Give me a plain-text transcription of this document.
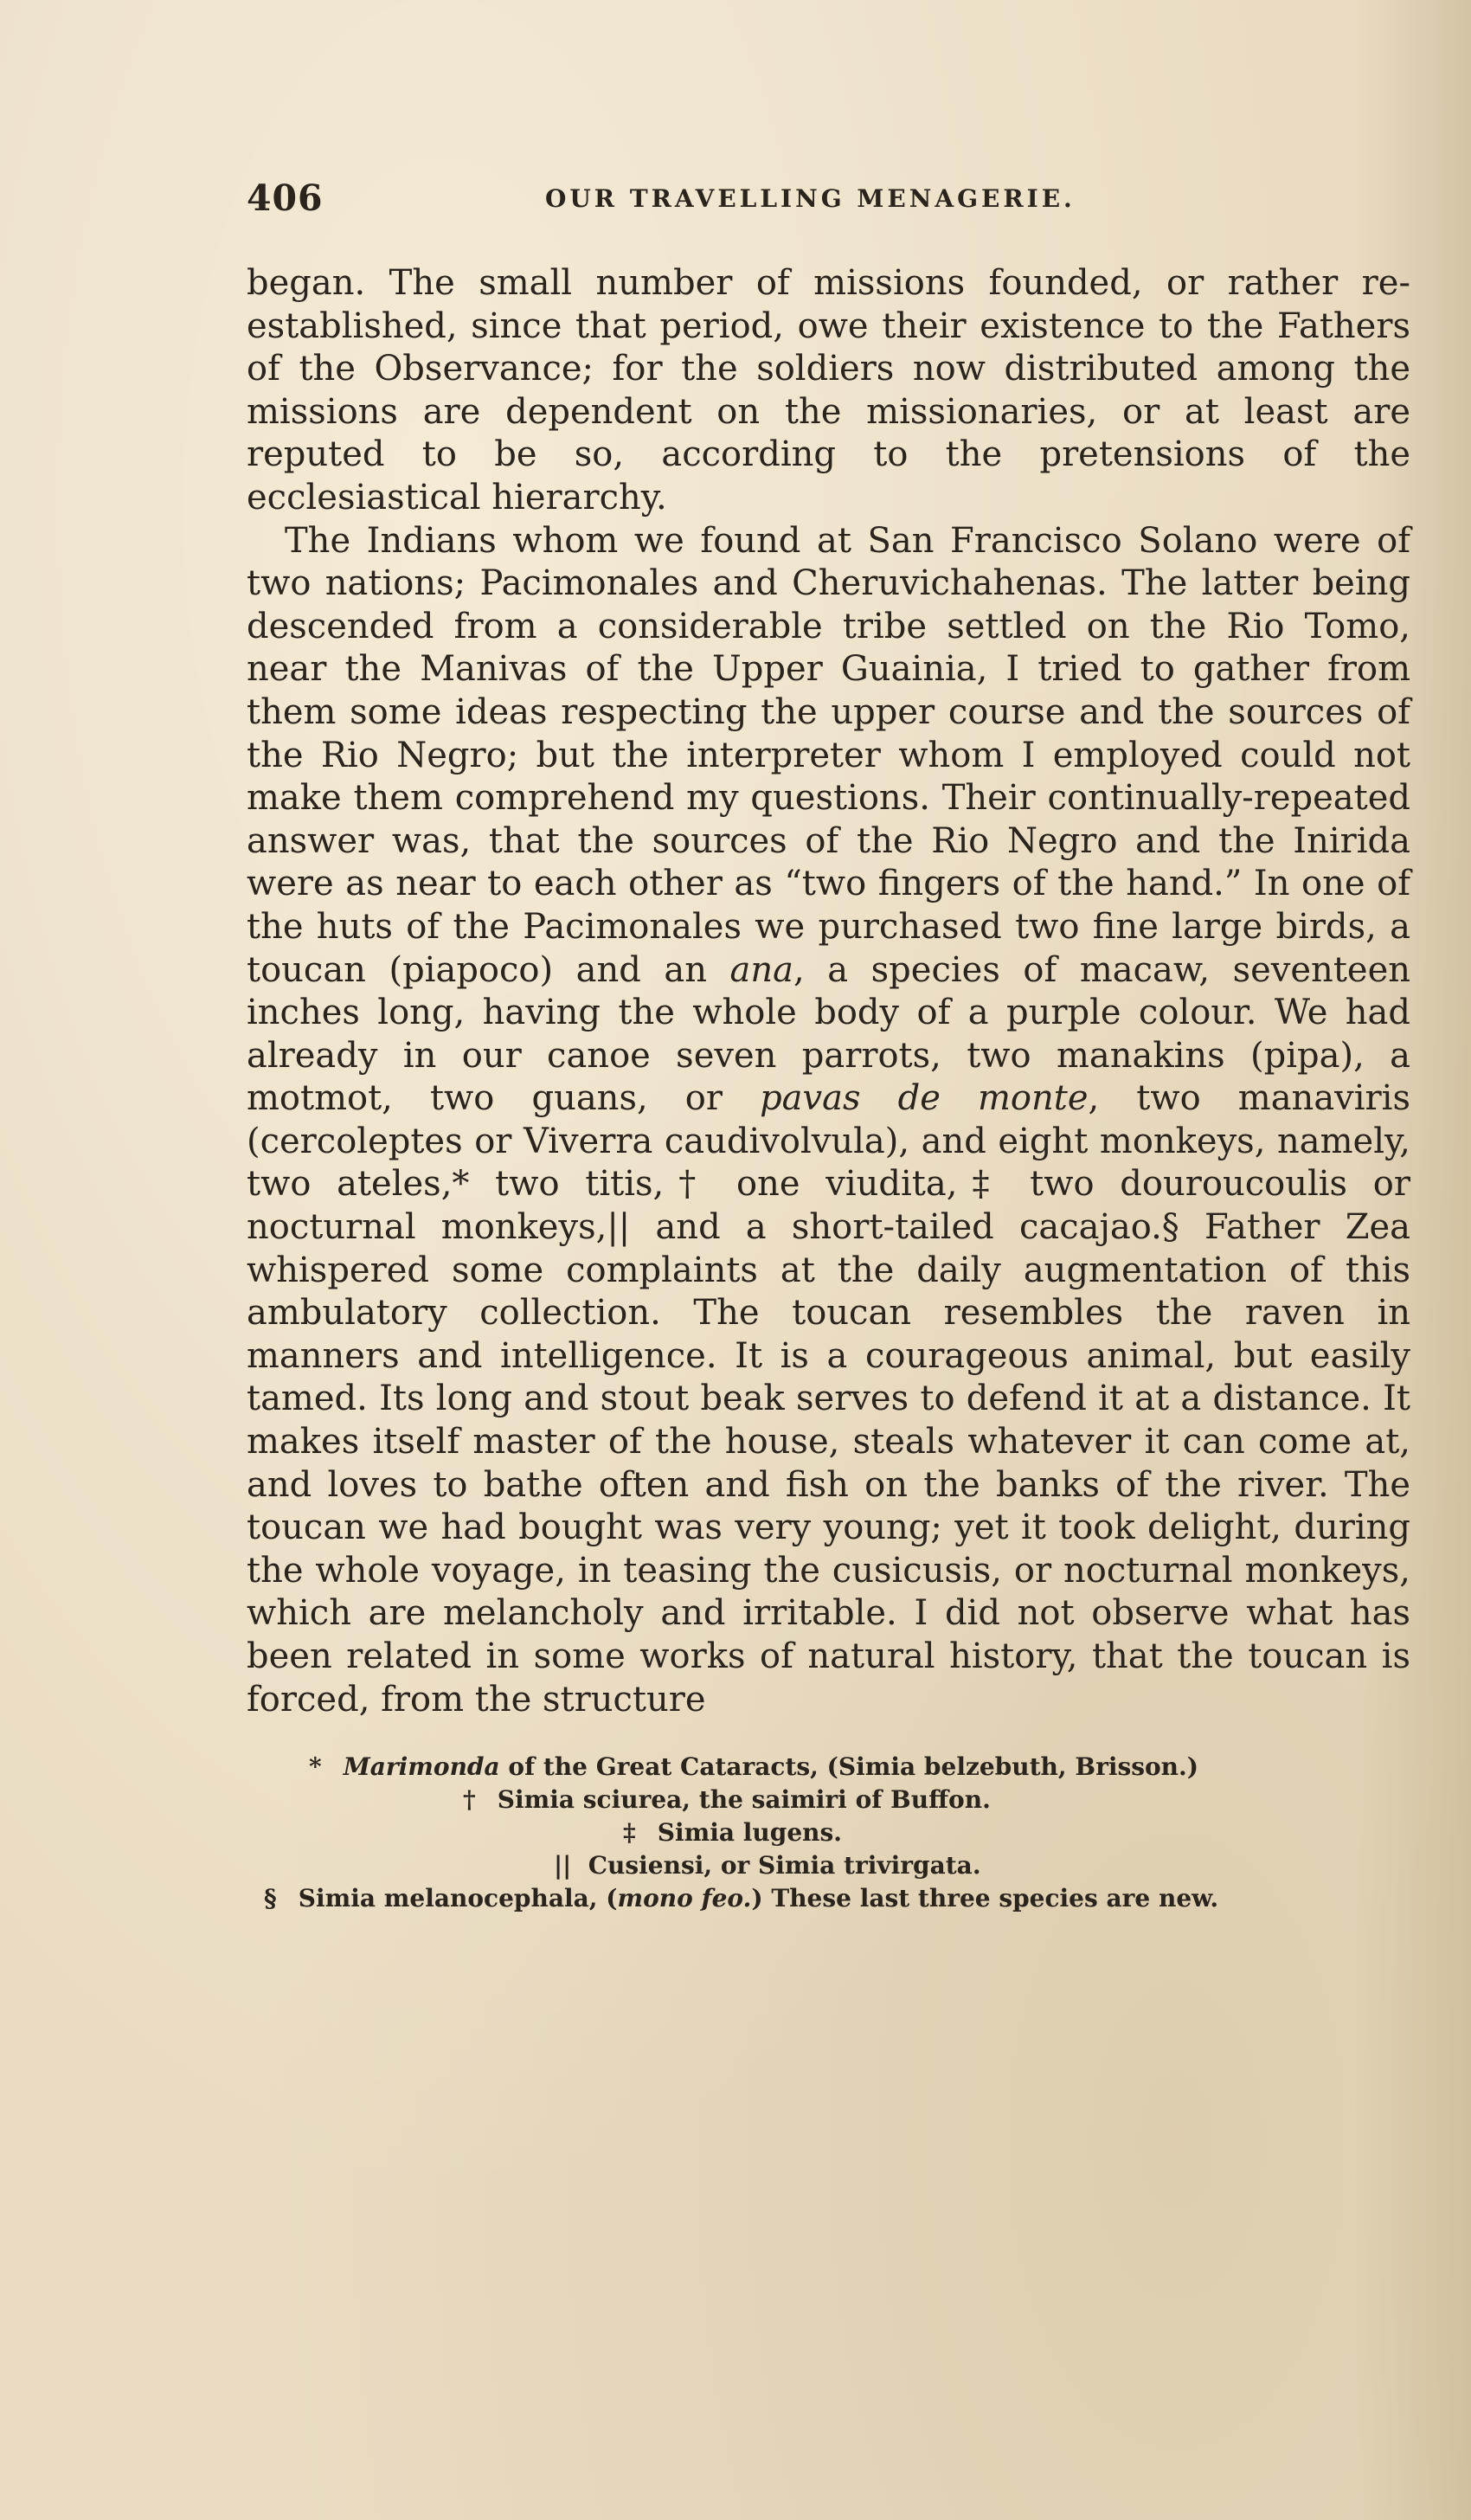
406	OUR TRAVELLING MENAGERIE.

began. The small number of missions founded, or rather re-established, since that period, owe their existence to the Fathers of the Observance; for the soldiers now distributed among the missions are dependent on the missionaries, or at least are reputed to be so, according to the pretensions of the ecclesiastical hierarchy.

The Indians whom we found at San Francisco Solano were of two nations; Pacimonales and Cheruvichahenas. The latter being descended from a considerable tribe settled on the Rio Tomo, near the Manivas of the Upper Guainia, I tried to gather from them some ideas respecting the upper course and the sources of the Rio Negro; but the interpreter whom I employed could not make them comprehend my questions. Their continually-repeated answer was, that the sources of the Rio Negro and the Inirida were as near to each other as “two fingers of the hand.” In one of the huts of the Pacimonales we purchased two fine large birds, a toucan (piapoco) and an ana, a species of macaw, seventeen inches long, having the whole body of a purple colour. We had already in our canoe seven parrots, two manakins (pipa), a motmot, two guans, or pavas de monte, two manaviris (cercoleptes or Viverra caudivolvula), and eight monkeys, namely, two ateles,* two titis,† one viudita,‡ two douroucoulis or nocturnal monkeys,|| and a short-tailed cacajao.§ Father Zea whispered some complaints at the daily augmentation of this ambulatory collection. The toucan resembles the raven in manners and intelligence. It is a courageous animal, but easily tamed. Its long and stout beak serves to defend it at a distance. It makes itself master of the house, steals whatever it can come at, and loves to bathe often and fish on the banks of the river. The toucan we had bought was very young; yet it took delight, during the whole voyage, in teasing the cusicusis, or nocturnal monkeys, which are melancholy and irritable. I did not observe what has been related in some works of natural history, that the toucan is forced, from the structure

* Marimonda of the Great Cataracts, (Simia belzebuth, Brisson.)
† Simia sciurea, the saimiri of Buffon.
‡ Simia lugens.
|| Cusiensi, or Simia trivirgata.
§ Simia melanocephala, (mono feo.) These last three species are new.
